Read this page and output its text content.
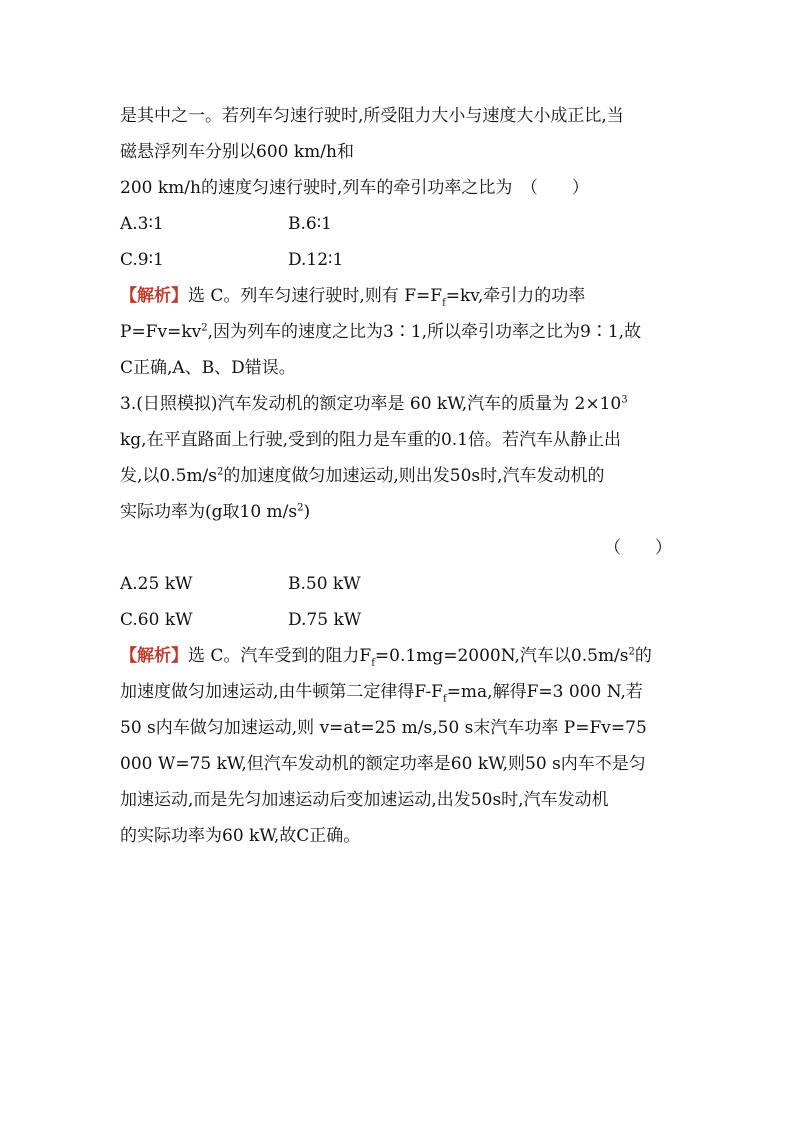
是其中之一。若列车匀速行驶时,所受阻力大小与速度大小成正比,当
磁悬浮列车分别以600 km/h和
200 km/h的速度匀速行驶时,列车的牵引功率之比为　（　　）
A.3∶1	B.6∶1
C.9∶1	D.12∶1
【解析】选 C。列车匀速行驶时,则有 $F=F_f=kv$,牵引力的功率
$P=Fv=kv^2$,因为列车的速度之比为3∶1,所以牵引功率之比为9∶1,故
C正确,A、B、D错误。
3.(日照模拟)汽车发动机的额定功率是 60 kW,汽车的质量为 $2\times 10^3$
kg,在平直路面上行驶,受到的阻力是车重的0.1倍。若汽车从静止出
发,以$0.5m/s^2$的加速度做匀加速运动,则出发50s时,汽车发动机的
实际功率为(g取10 $m/s^2$)
（　　）
A.25 kW	B.50 kW
C.60 kW	D.75 kW
【解析】选 C。汽车受到的阻力$F_f=0.1mg=2000N$,汽车以$0.5m/s^2$的
加速度做匀加速运动,由牛顿第二定律得$F-F_f=ma$,解得F=3 000 N,若
50 s内车做匀加速运动,则 v=at=25 m/s,50 s末汽车功率 P=Fv=75
000 W=75 kW,但汽车发动机的额定功率是60 kW,则50 s内车不是匀
加速运动,而是先匀加速运动后变加速运动,出发50s时,汽车发动机
的实际功率为60 kW,故C正确。
